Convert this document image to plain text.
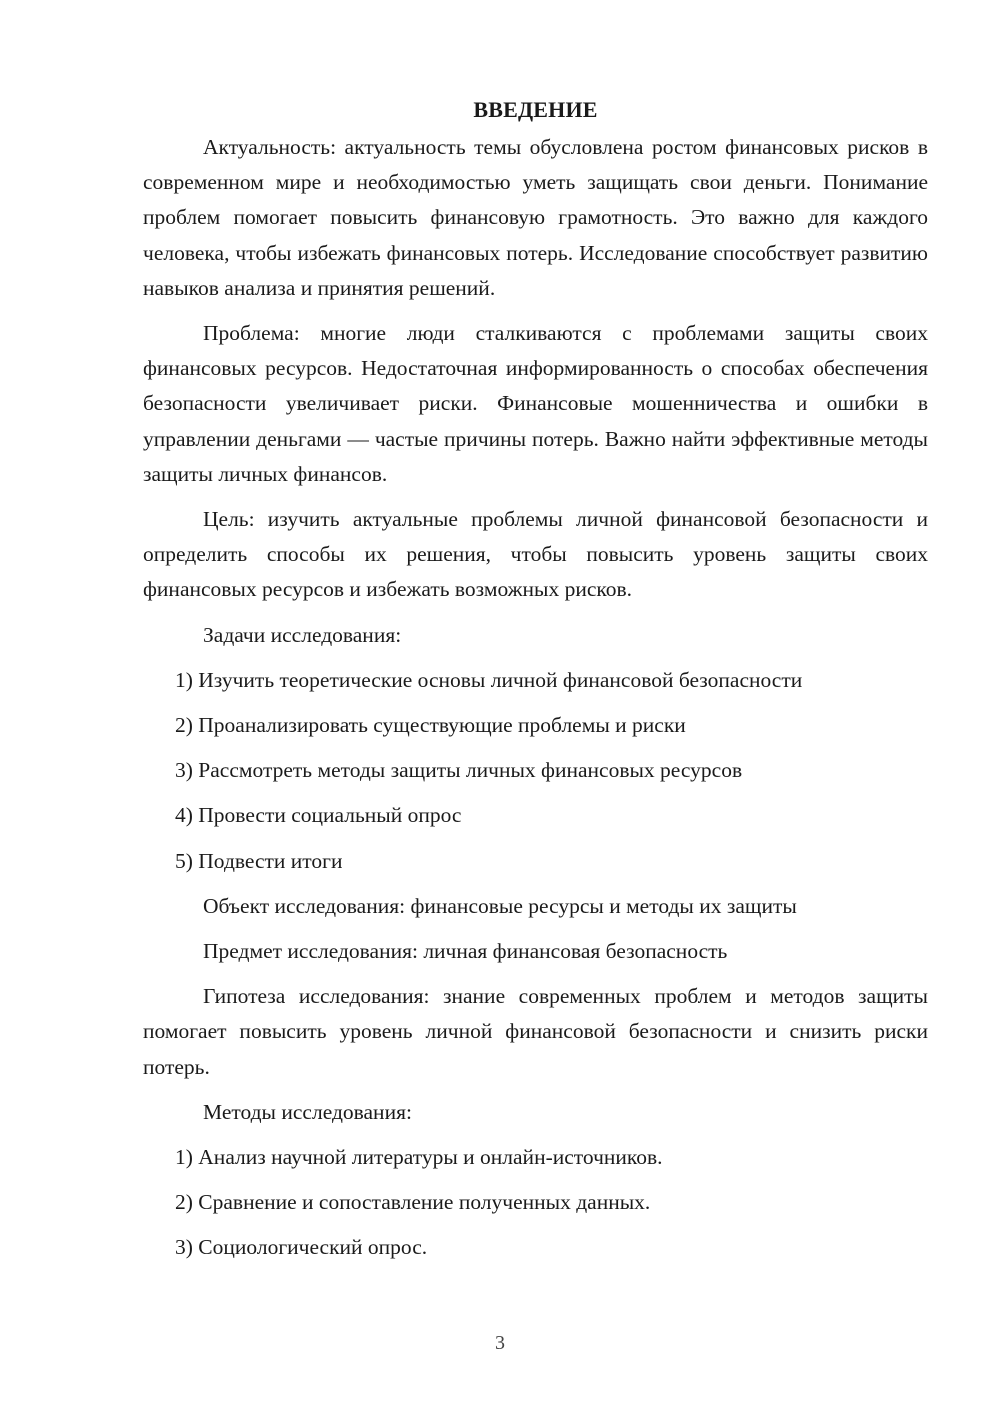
ВВЕДЕНИЕ

Актуальность: актуальность темы обусловлена ростом финансовых рисков в современном мире и необходимостью уметь защищать свои деньги. Понимание проблем помогает повысить финансовую грамотность. Это важно для каждого человека, чтобы избежать финансовых потерь. Исследование способствует развитию навыков анализа и принятия решений.

Проблема: многие люди сталкиваются с проблемами защиты своих финансовых ресурсов. Недостаточная информированность о способах обеспечения безопасности увеличивает риски. Финансовые мошенничества и ошибки в управлении деньгами — частые причины потерь. Важно найти эффективные методы защиты личных финансов.

Цель: изучить актуальные проблемы личной финансовой безопасности и определить способы их решения, чтобы повысить уровень защиты своих финансовых ресурсов и избежать возможных рисков.

Задачи исследования:
1) Изучить теоретические основы личной финансовой безопасности
2) Проанализировать существующие проблемы и риски
3) Рассмотреть методы защиты личных финансовых ресурсов
4) Провести социальный опрос
5) Подвести итоги
Объект исследования: финансовые ресурсы и методы их защиты
Предмет исследования: личная финансовая безопасность

Гипотеза исследования: знание современных проблем и методов защиты помогает повысить уровень личной финансовой безопасности и снизить риски потерь.

Методы исследования:
1) Анализ научной литературы и онлайн-источников.
2) Сравнение и сопоставление полученных данных.
3) Социологический опрос.
3
